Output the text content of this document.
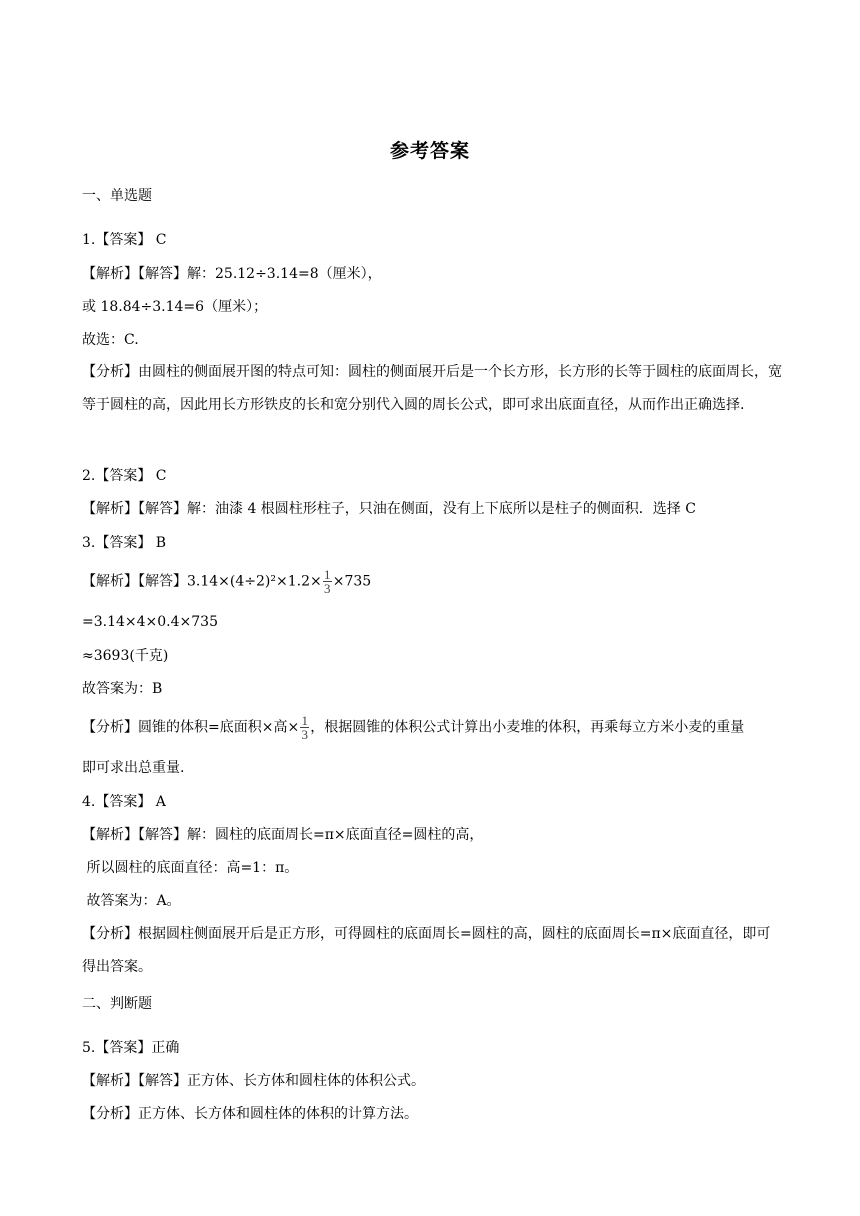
参考答案
一、单选题
1.【答案】 C
【解析】【解答】解：25.12÷3.14=8（厘米），
或 18.84÷3.14=6（厘米）；
故选：C.
【分析】由圆柱的侧面展开图的特点可知：圆柱的侧面展开后是一个长方形，长方形的长等于圆柱的底面周长，宽等于圆柱的高，因此用长方形铁皮的长和宽分别代入圆的周长公式，即可求出底面直径，从而作出正确选择.
2.【答案】 C
【解析】【解答】解：油漆 4 根圆柱形柱子，只油在侧面，没有上下底所以是柱子的侧面积．选择 C
3.【答案】 B
【解析】【解答】$3.14\times(4\div 2)^2\times 1.2\times \frac{1}{3} \times 735$
=3.14×4×0.4×735
≈3693(千克)
故答案为：B
【分析】圆锥的体积=底面积×高× $\frac{1}{3}$ ，根据圆锥的体积公式计算出小麦堆的体积，再乘每立方米小麦的重量
即可求出总重量.
4.【答案】 A
【解析】【解答】解：圆柱的底面周长=π×底面直径=圆柱的高，
所以圆柱的底面直径：高=1：π。
故答案为：A。
【分析】根据圆柱侧面展开后是正方形，可得圆柱的底面周长=圆柱的高，圆柱的底面周长=π×底面直径，即可得出答案。
二、判断题
5.【答案】正确
【解析】【解答】正方体、长方体和圆柱体的体积公式。
【分析】正方体、长方体和圆柱体的体积的计算方法。
